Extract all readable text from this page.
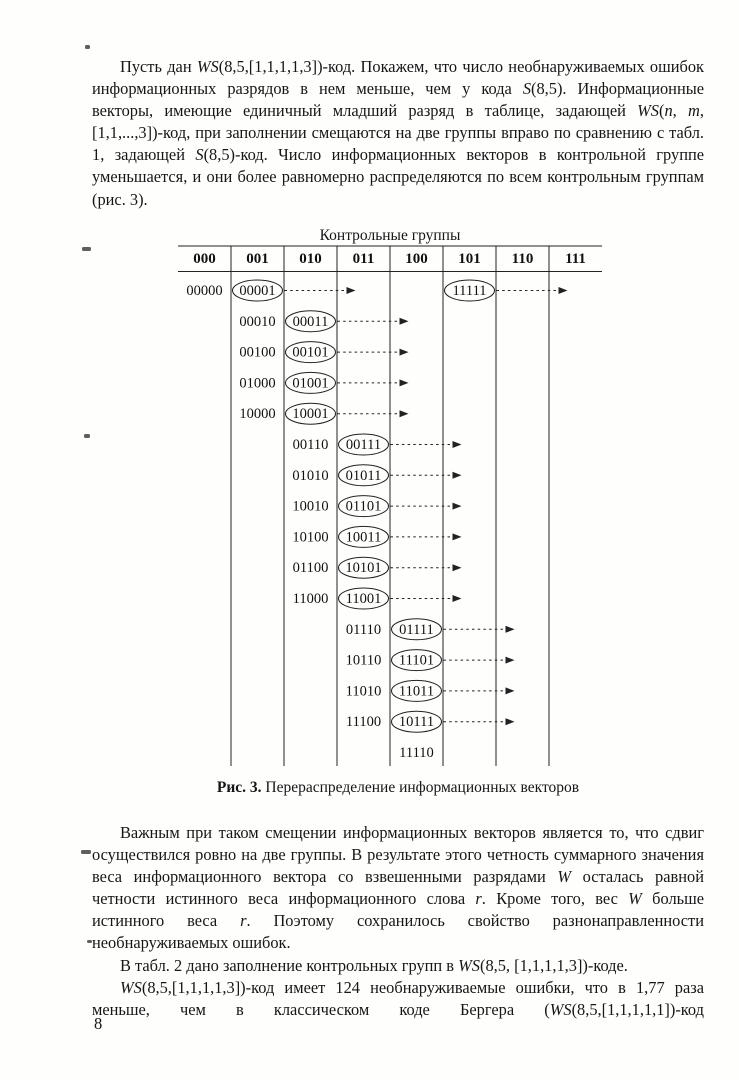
Пусть дан WS(8,5,[1,1,1,1,3])-код. Покажем, что число необнаруживаемых ошибок информационных разрядов в нем меньше, чем у кода S(8,5). Информационные векторы, имеющие единичный младший разряд в таблице, задающей WS(n, m, [1,1,...,3])-код, при заполнении смещаются на две группы вправо по сравнению с табл. 1, задающей S(8,5)-код. Число информационных векторов в контрольной группе уменьшается, и они более равномерно распределяются по всем контрольным группам (рис. 3).

Контрольные группы
000 001 010 011 100 101 110 111
00000 00001	11111
00010 00011
00100 00101
01000 01001
10000 10001
00110 00111
01010 01011
10010 01101
10100 10011
01100 10101
11000 11001
01110 01111
10110 11101
11010 11011
11100 10111
11110
Рис. 3. Перераспределение информационных векторов

Важным при таком смещении информационных векторов является то, что сдвиг осуществился ровно на две группы. В результате этого четность суммарного значения веса информационного вектора со взвешенными разрядами W осталась равной четности истинного веса информационного слова r. Кроме того, вес W больше истинного веса r. Поэтому сохранилось свойство разнонаправленности необнаруживаемых ошибок.

В табл. 2 дано заполнение контрольных групп в WS(8,5, [1,1,1,1,3])-коде.

WS(8,5,[1,1,1,1,3])-код имеет 124 необнаруживаемые ошибки, что в 1,77 раза меньше, чем в классическом коде Бергера (WS(8,5,[1,1,1,1,1])-код

8
